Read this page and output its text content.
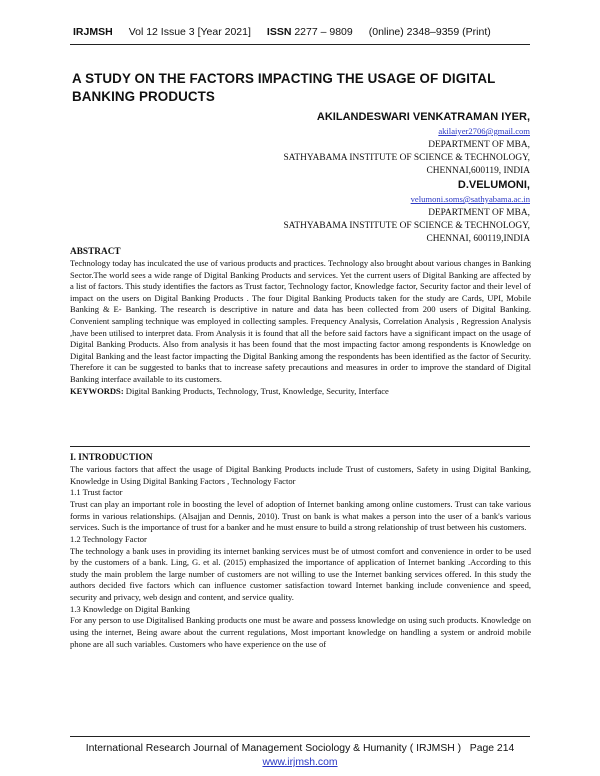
IRJMSH Vol 12 Issue 3 [Year 2021] ISSN 2277 – 9809 (0nline) 2348–9359 (Print)
A STUDY ON THE FACTORS IMPACTING THE USAGE OF DIGITAL BANKING PRODUCTS
AKILANDESWARI VENKATRAMAN IYER,
akilaiyer2706@gmail.com
DEPARTMENT OF MBA,
SATHYABAMA INSTITUTE OF SCIENCE & TECHNOLOGY,
CHENNAI,600119, INDIA
D.VELUMONI,
velumoni.soms@sathyabama.ac.in
DEPARTMENT OF MBA,
SATHYABAMA INSTITUTE OF SCIENCE & TECHNOLOGY,
CHENNAI, 600119,INDIA

ABSTRACT

Technology today has inculcated the use of various products and practices. Technology also brought about various changes in Banking Sector.The world sees a wide range of Digital Banking Products and services. Yet the current users of Digital Banking are affected by a list of factors. This study identifies the factors as Trust factor, Technology factor, Knowledge factor, Security factor and their level of impact on the users on Digital Banking Products . The four Digital Banking Products taken for the study are Cards, UPI, Mobile Banking & E- Banking. The research is descriptive in nature and data has been collected from 200 users of Digital Banking. Convenient sampling technique was employed in collecting samples. Frequency Analysis, Correlation Analysis , Regression Analysis ,have been utilised to interpret data. From Analysis it is found that all the before said factors have a significant impact on the usage of Digital Banking Products. Also from analysis it has been found that the most impacting factor among respondents is Knowledge on Digital Banking and the least factor impacting the Digital Banking among the respondents has been identified as the factor of Security. Therefore it can be suggested to banks that to increase safety precautions and measures in order to improve the standard of Digital Banking interface available to its customers.

KEYWORDS: Digital Banking Products, Technology, Trust, Knowledge, Security, Interface

I. INTRODUCTION

The various factors that affect the usage of Digital Banking Products include Trust of customers, Safety in using Digital Banking, Knowledge in Using Digital Banking Factors , Technology Factor

1.1 Trust factor

Trust can play an important role in boosting the level of adoption of Internet banking among online customers. Trust can take various forms in various relationships. (Alsajjan and Dennis, 2010). Trust on bank is what makes a person into the user of a bank's various services. Such is the importance of trust for a banker and he must ensure to build a strong relationship of trust between his customers.

1.2 Technology Factor

The technology a bank uses in providing its internet banking services must be of utmost comfort and convenience in order to be used by the customers of a bank. Ling, G. et al. (2015) emphasized the importance of application of Internet banking .According to this study the main problem the large number of customers are not willing to use the Internet banking services offered. In this study the authors decided five factors which can influence customer satisfaction toward Internet banking include convenience and speed, security and privacy, web design and content, and service quality.

1.3 Knowledge on Digital Banking

For any person to use Digitalised Banking products one must be aware and possess knowledge on using such products. Knowledge on using the internet, Being aware about the current regulations, Most important knowledge on handling a system or android mobile phone are all such variables. Customers who have experience on the use of

International Research Journal of Management Sociology & Humanity ( IRJMSH ) Page 214
www.irjmsh.com
